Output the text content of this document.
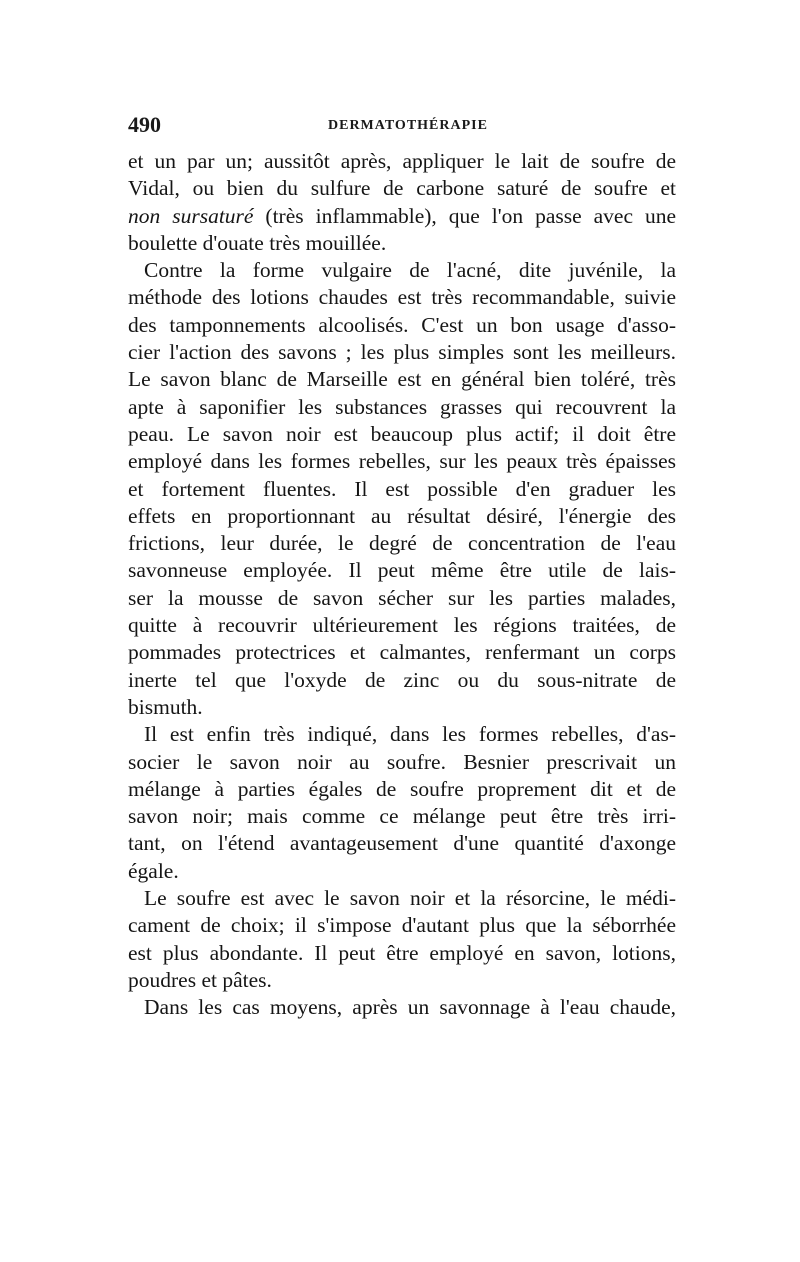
490	DERMATOTHÉRAPIE

et un par un; aussitôt après, appliquer le lait de soufre de
Vidal, ou bien du sulfure de carbone saturé de soufre et
non sursaturé (très inflammable), que l'on passe avec une
boulette d'ouate très mouillée.

Contre la forme vulgaire de l'acné, dite juvénile, la
méthode des lotions chaudes est très recommandable, suivie
des tamponnements alcoolisés. C'est un bon usage d'asso-
cier l'action des savons ; les plus simples sont les meilleurs.
Le savon blanc de Marseille est en général bien toléré, très
apte à saponifier les substances grasses qui recouvrent la
peau. Le savon noir est beaucoup plus actif; il doit être
employé dans les formes rebelles, sur les peaux très épaisses
et fortement fluentes. Il est possible d'en graduer les
effets en proportionnant au résultat désiré, l'énergie des
frictions, leur durée, le degré de concentration de l'eau
savonneuse employée. Il peut même être utile de lais-
ser la mousse de savon sécher sur les parties malades,
quitte à recouvrir ultérieurement les régions traitées, de
pommades protectrices et calmantes, renfermant un corps
inerte tel que l'oxyde de zinc ou du sous-nitrate de
bismuth.

Il est enfin très indiqué, dans les formes rebelles, d'as-
socier le savon noir au soufre. Besnier prescrivait un
mélange à parties égales de soufre proprement dit et de
savon noir; mais comme ce mélange peut être très irri-
tant, on l'étend avantageusement d'une quantité d'axonge
égale.

Le soufre est avec le savon noir et la résorcine, le médi-
cament de choix; il s'impose d'autant plus que la séborrhée
est plus abondante. Il peut être employé en savon, lotions,
poudres et pâtes.

Dans les cas moyens, après un savonnage à l'eau chaude,
